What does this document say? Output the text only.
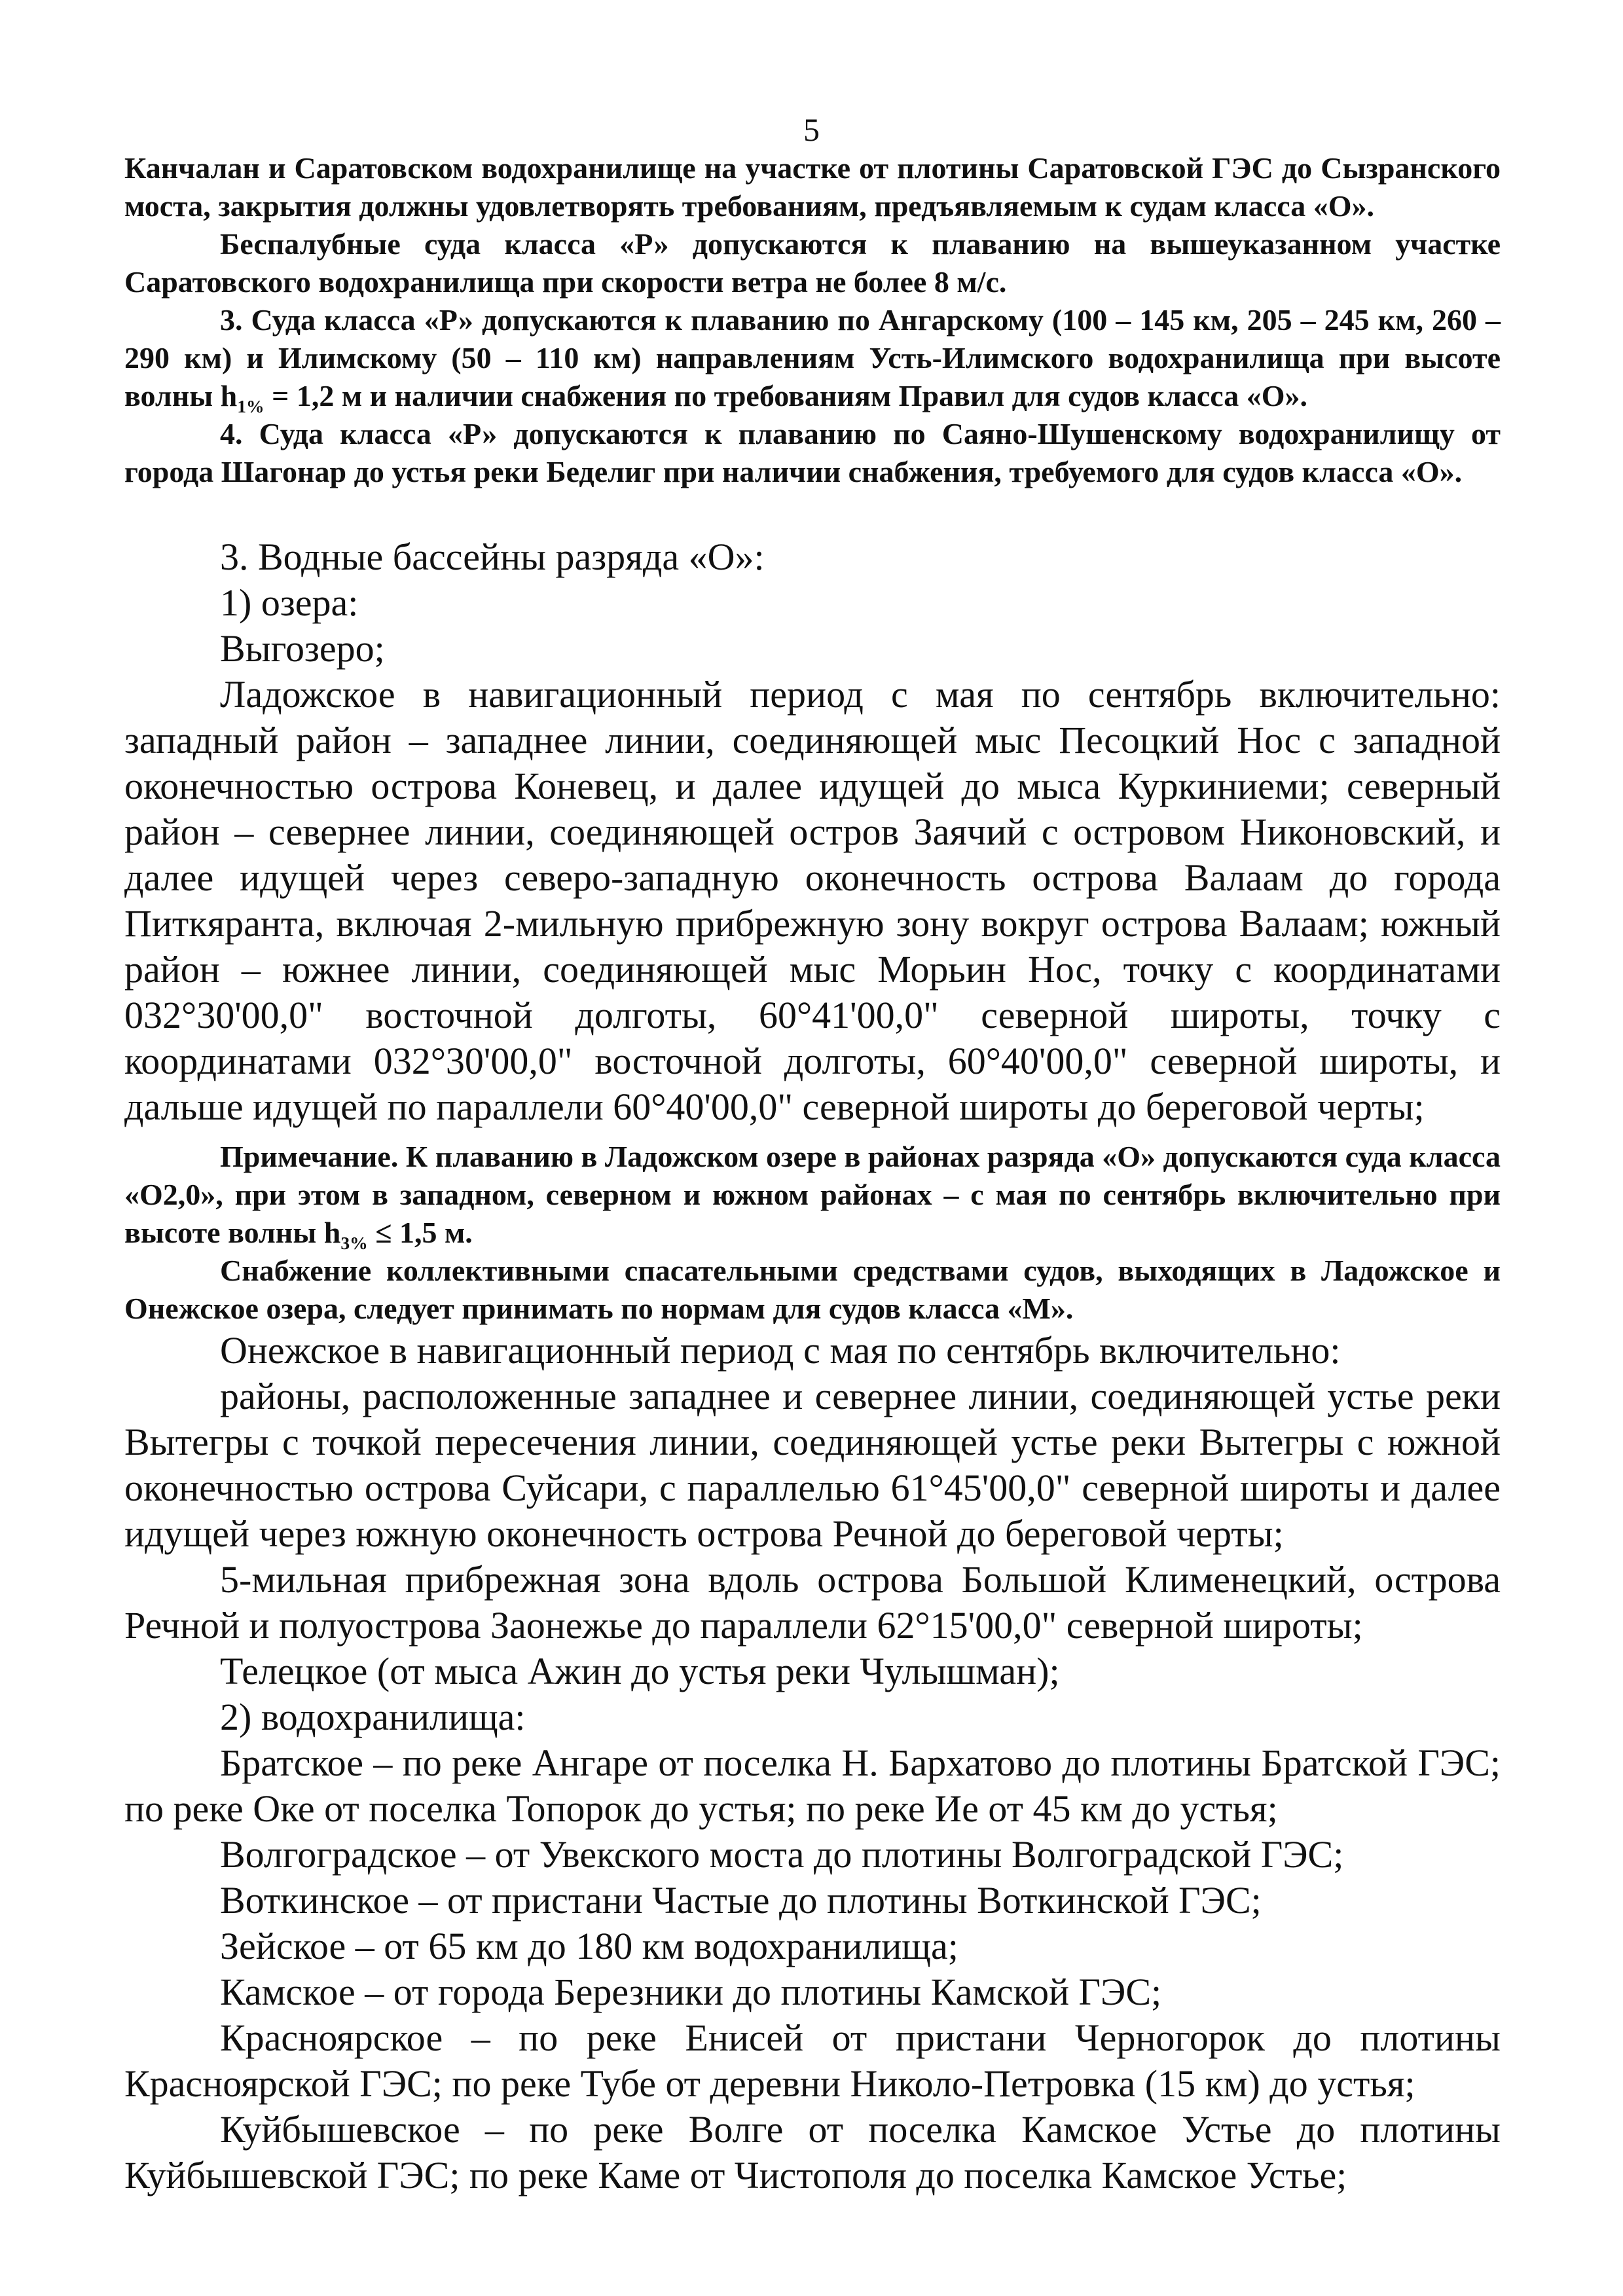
5

Канчалан и Саратовском водохранилище на участке от плотины Саратовской ГЭС до Сызранского моста, закрытия должны удовлетворять требованиям, предъявляемым к судам класса «О».

Беспалубные суда класса «Р» допускаются к плаванию на вышеуказанном участке Саратовского водохранилища при скорости ветра не более 8 м/с.

3. Суда класса «Р» допускаются к плаванию по Ангарскому (100 – 145 км, 205 – 245 км, 260 – 290 км) и Илимскому (50 – 110 км) направлениям Усть-Илимского водохранилища при высоте волны $h_{1\%} = 1,2$ м и наличии снабжения по требованиям Правил для судов класса «О».

4. Суда класса «Р» допускаются к плаванию по Саяно-Шушенскому водохранилищу от города Шагонар до устья реки Беделиг при наличии снабжения, требуемого для судов класса «О».

3. Водные бассейны разряда «О»:

1) озера:

Выгозеро;

Ладожское в навигационный период с мая по сентябрь включительно: западный район – западнее линии, соединяющей мыс Песоцкий Нос с западной оконечностью острова Коневец, и далее идущей до мыса Куркиниеми; северный район – севернее линии, соединяющей остров Заячий с островом Никоновский, и далее идущей через северо-западную оконечность острова Валаам до города Питкяранта, включая 2-мильную прибрежную зону вокруг острова Валаам; южный район – южнее линии, соединяющей мыс Морьин Нос, точку с координатами 032°30'00,0" восточной долготы, 60°41'00,0" северной широты, точку с координатами 032°30'00,0" восточной долготы, 60°40'00,0" северной широты, и дальше идущей по параллели 60°40'00,0" северной широты до береговой черты;

Примечание. К плаванию в Ладожском озере в районах разряда «О» допускаются суда класса «О2,0», при этом в западном, северном и южном районах – с мая по сентябрь включительно при высоте волны $h_{3\%} \le 1,5$ м.

Снабжение коллективными спасательными средствами судов, выходящих в Ладожское и Онежское озера, следует принимать по нормам для судов класса «М».

Онежское в навигационный период с мая по сентябрь включительно:

районы, расположенные западнее и севернее линии, соединяющей устье реки Вытегры с точкой пересечения линии, соединяющей устье реки Вытегры с южной оконечностью острова Суйсари, с параллелью 61°45'00,0" северной широты и далее идущей через южную оконечность острова Речной до береговой черты;

5-мильная прибрежная зона вдоль острова Большой Клименецкий, острова Речной и полуострова Заонежье до параллели 62°15'00,0" северной широты;

Телецкое (от мыса Ажин до устья реки Чулышман);

2) водохранилища:

Братское – по реке Ангаре от поселка Н. Бархатово до плотины Братской ГЭС; по реке Оке от поселка Топорок до устья; по реке Ие от 45 км до устья;

Волгоградское – от Увекского моста до плотины Волгоградской ГЭС;

Воткинское – от пристани Частые до плотины Воткинской ГЭС;

Зейское – от 65 км до 180 км водохранилища;

Камское – от города Березники до плотины Камской ГЭС;

Красноярское – по реке Енисей от пристани Черногорок до плотины Красноярской ГЭС; по реке Тубе от деревни Николо-Петровка (15 км) до устья;

Куйбышевское – по реке Волге от поселка Камское Устье до плотины Куйбышевской ГЭС; по реке Каме от Чистополя до поселка Камское Устье;
